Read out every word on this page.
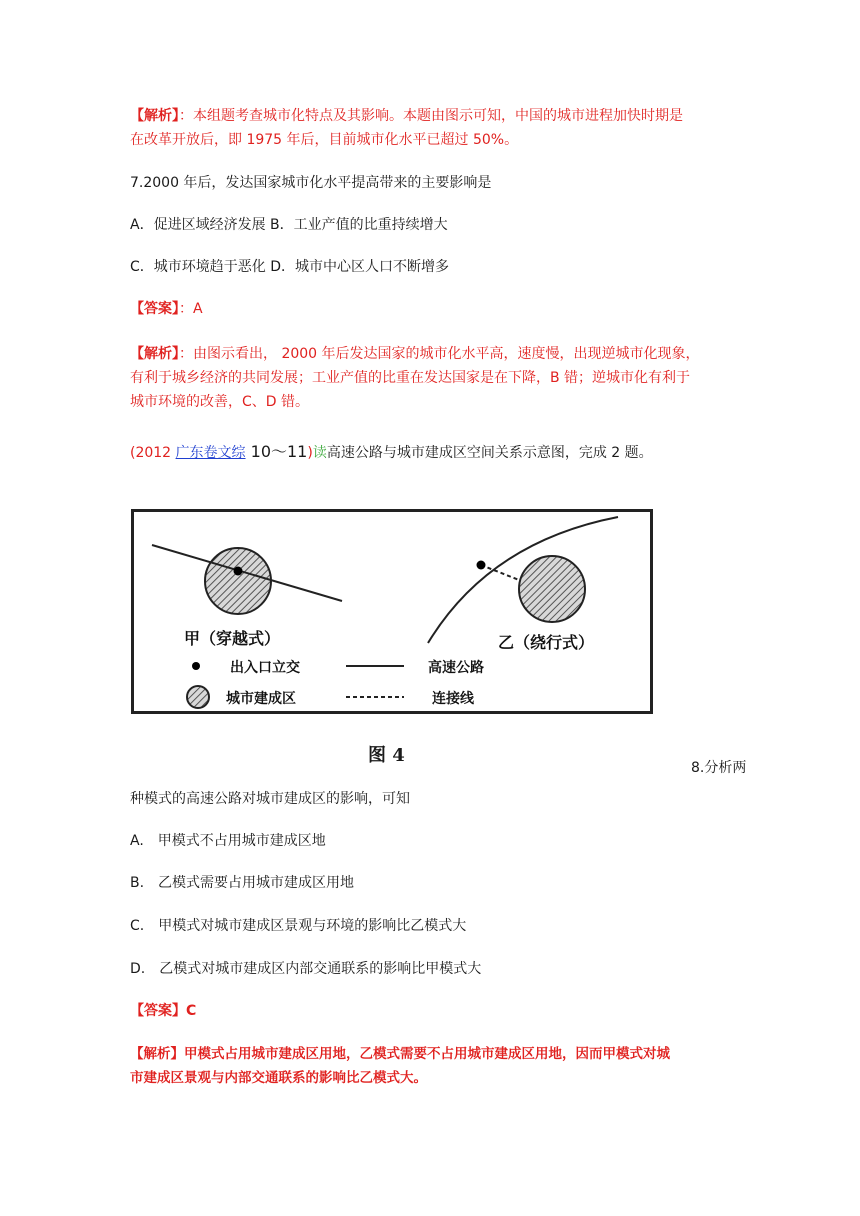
【解析】：本组题考查城市化特点及其影响。本题由图示可知，中国的城市进程加快时期是
在改革开放后，即 1975 年后，目前城市化水平已超过 50%。
7.2000 年后，发达国家城市化水平提高带来的主要影响是
A．促进区域经济发展 B．工业产值的比重持续增大
C．城市环境趋于恶化 D．城市中心区人口不断增多
【答案】：A
【解析】：由图示看出， 2000 年后发达国家的城市化水平高，速度慢，出现逆城市化现象，
有利于城乡经济的共同发展；工业产值的比重在发达国家是在下降，B 错；逆城市化有利于
城市环境的改善，C、D 错。
(2012 广东卷文综 10～11)读高速公路与城市建成区空间关系示意图，完成 2 题。
甲（穿越式）	乙（绕行式）
出入口立交	高速公路
城市建成区	连接线
图 4
8.分析两
种模式的高速公路对城市建成区的影响，可知
A.　甲模式不占用城市建成区地
B.　乙模式需要占用城市建成区用地
C.　甲模式对城市建成区景观与环境的影响比乙模式大
D.　乙模式对城市建成区内部交通联系的影响比甲模式大
【答案】C
【解析】甲模式占用城市建成区用地，乙模式需要不占用城市建成区用地，因而甲模式对城
市建成区景观与内部交通联系的影响比乙模式大。
